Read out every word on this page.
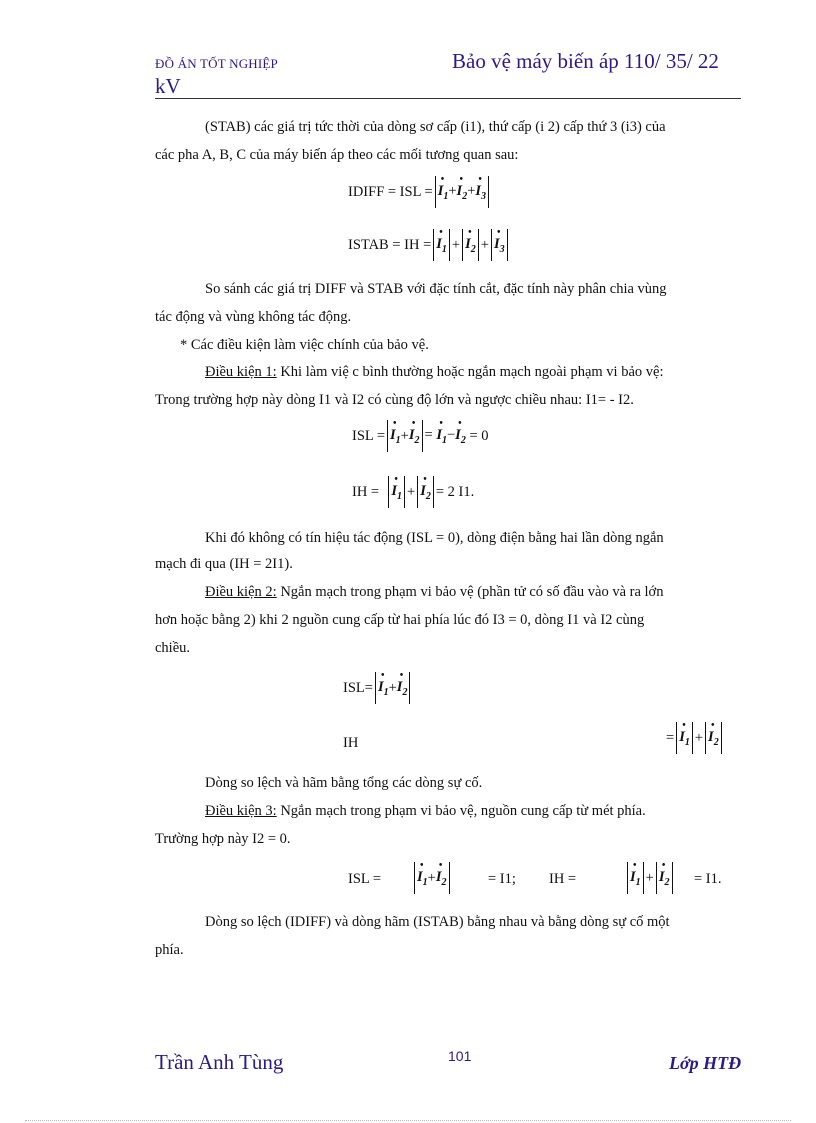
ĐỒ ÁN TỐT NGHIỆP	Bảo vệ máy biến áp 110/ 35/ 22
kV
(STAB) các giá trị tức thời của dòng sơ cấp (i1), thứ cấp (i 2) cấp thứ 3 (i3) của
các pha A, B, C của máy biến áp theo các mối tương quan sau:
IDIFF = ISL = • $I_1+•$ $I_2+•$ $I_3$
ISTAB = IH = • $I_1$ + • $I_2$ + • $I_3$
So sánh các giá trị DIFF và STAB với đặc tính cắt, đặc tính này phân chia vùng
tác động và vùng không tác động.
* Các điều kiện làm việc chính của bảo vệ.
Điều kiện 1: Khi làm việ c bình thường hoặc ngắn mạch ngoài phạm vi bảo vệ:
Trong trường hợp này dòng I1 và I2 có cùng độ lớn và ngược chiều nhau: I1= - I2.
ISL = • $I_1$ + • $I_2$ = • $I_1-•$ $I_2 = 0$
IH =
• $I_1$ + • $I_2 = 2$ I1.
Khi đó không có tín hiệu tác động (ISL = 0), dòng điện bằng hai lần dòng ngắn
mạch đi qua (IH = 2I1).
Điều kiện 2: Ngắn mạch trong phạm vi bảo vệ (phần tử có số đầu vào và ra lớn
hơn hoặc bằng 2) khi 2 nguồn cung cấp từ hai phía lúc đó I3 = 0, dòng I1 và I2 cùng
chiều.
ISL= • $I_1$ + • $I_2$
IH	= • $I_1$ + • $I_2$
Dòng so lệch và hãm bằng tổng các dòng sự cố.
Điều kiện 3: Ngắn mạch trong phạm vi bảo vệ, nguồn cung cấp từ mét phía.
Trường hợp này I2 = 0.
ISL = • $I_1$ + • $I_2$	= I1; IH =	• $I_1$ + • $I_2 = I1$.
Dòng so lệch (IDIFF) và dòng hãm (ISTAB) bằng nhau và bằng dòng sự cố một
phía.
Trần Anh Tùng	101	Lớp HTĐ
